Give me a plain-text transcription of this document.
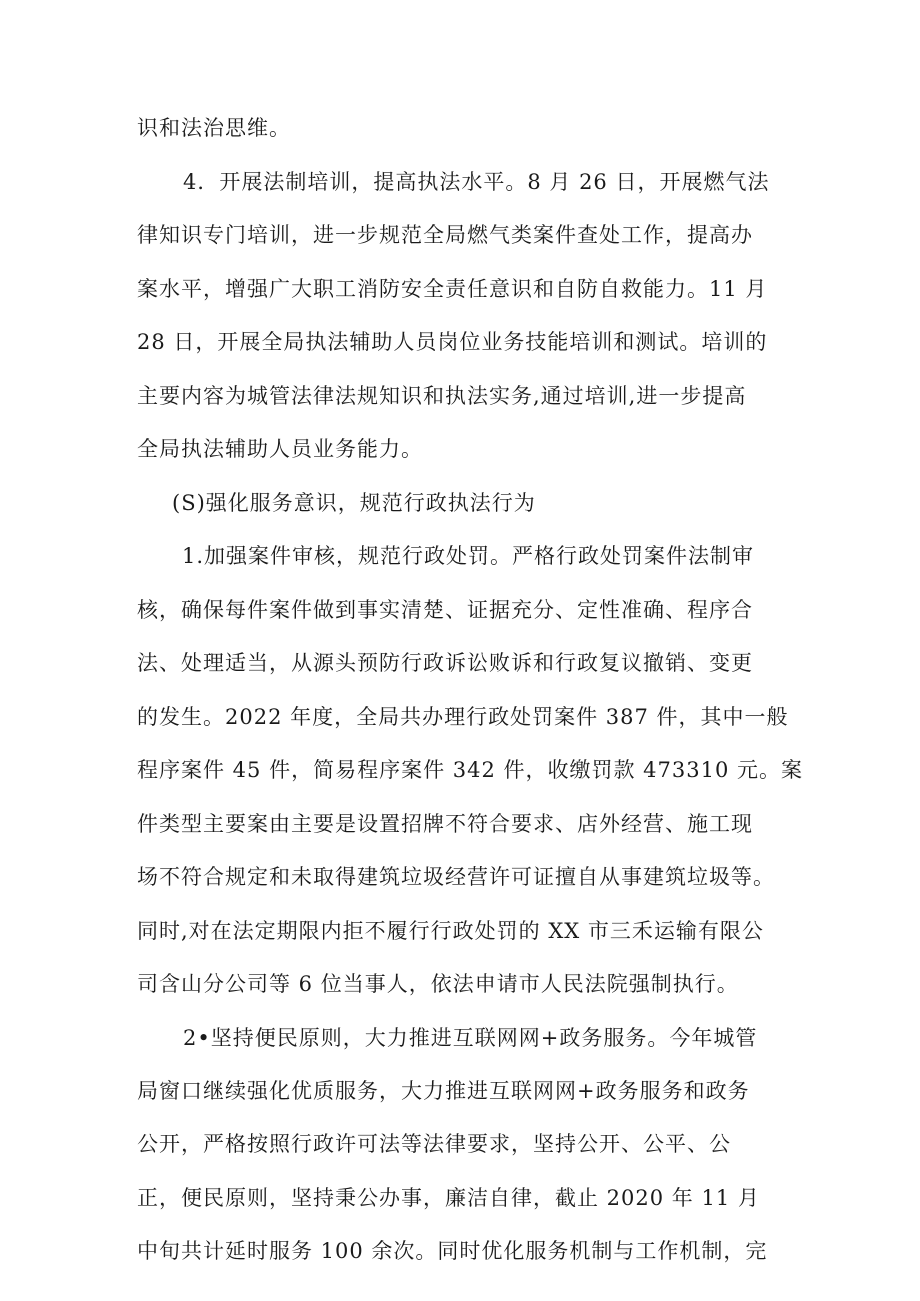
识和法治思维。
4．开展法制培训，提高执法水平。8 月 26 日，开展燃气法
律知识专门培训，进一步规范全局燃气类案件查处工作，提高办
案水平，增强广大职工消防安全责任意识和自防自救能力。11 月
28 日，开展全局执法辅助人员岗位业务技能培训和测试。培训的
主要内容为城管法律法规知识和执法实务,通过培训,进一步提高
全局执法辅助人员业务能力。
(S)强化服务意识，规范行政执法行为
1.加强案件审核，规范行政处罚。严格行政处罚案件法制审
核，确保每件案件做到事实清楚、证据充分、定性准确、程序合
法、处理适当，从源头预防行政诉讼败诉和行政复议撤销、变更
的发生。2022 年度，全局共办理行政处罚案件 387 件，其中一般
程序案件 45 件，简易程序案件 342 件，收缴罚款 473310 元。案
件类型主要案由主要是设置招牌不符合要求、店外经营、施工现
场不符合规定和未取得建筑垃圾经营许可证擅自从事建筑垃圾等。
同时,对在法定期限内拒不履行行政处罚的 XX 市三禾运输有限公
司含山分公司等 6 位当事人，依法申请市人民法院强制执行。
2•坚持便民原则，大力推进互联网网+政务服务。今年城管
局窗口继续强化优质服务，大力推进互联网网+政务服务和政务
公开，严格按照行政许可法等法律要求，坚持公开、公平、公
正，便民原则，坚持秉公办事，廉洁自律，截止 2020 年 11 月
中旬共计延时服务 100 余次。同时优化服务机制与工作机制，完
